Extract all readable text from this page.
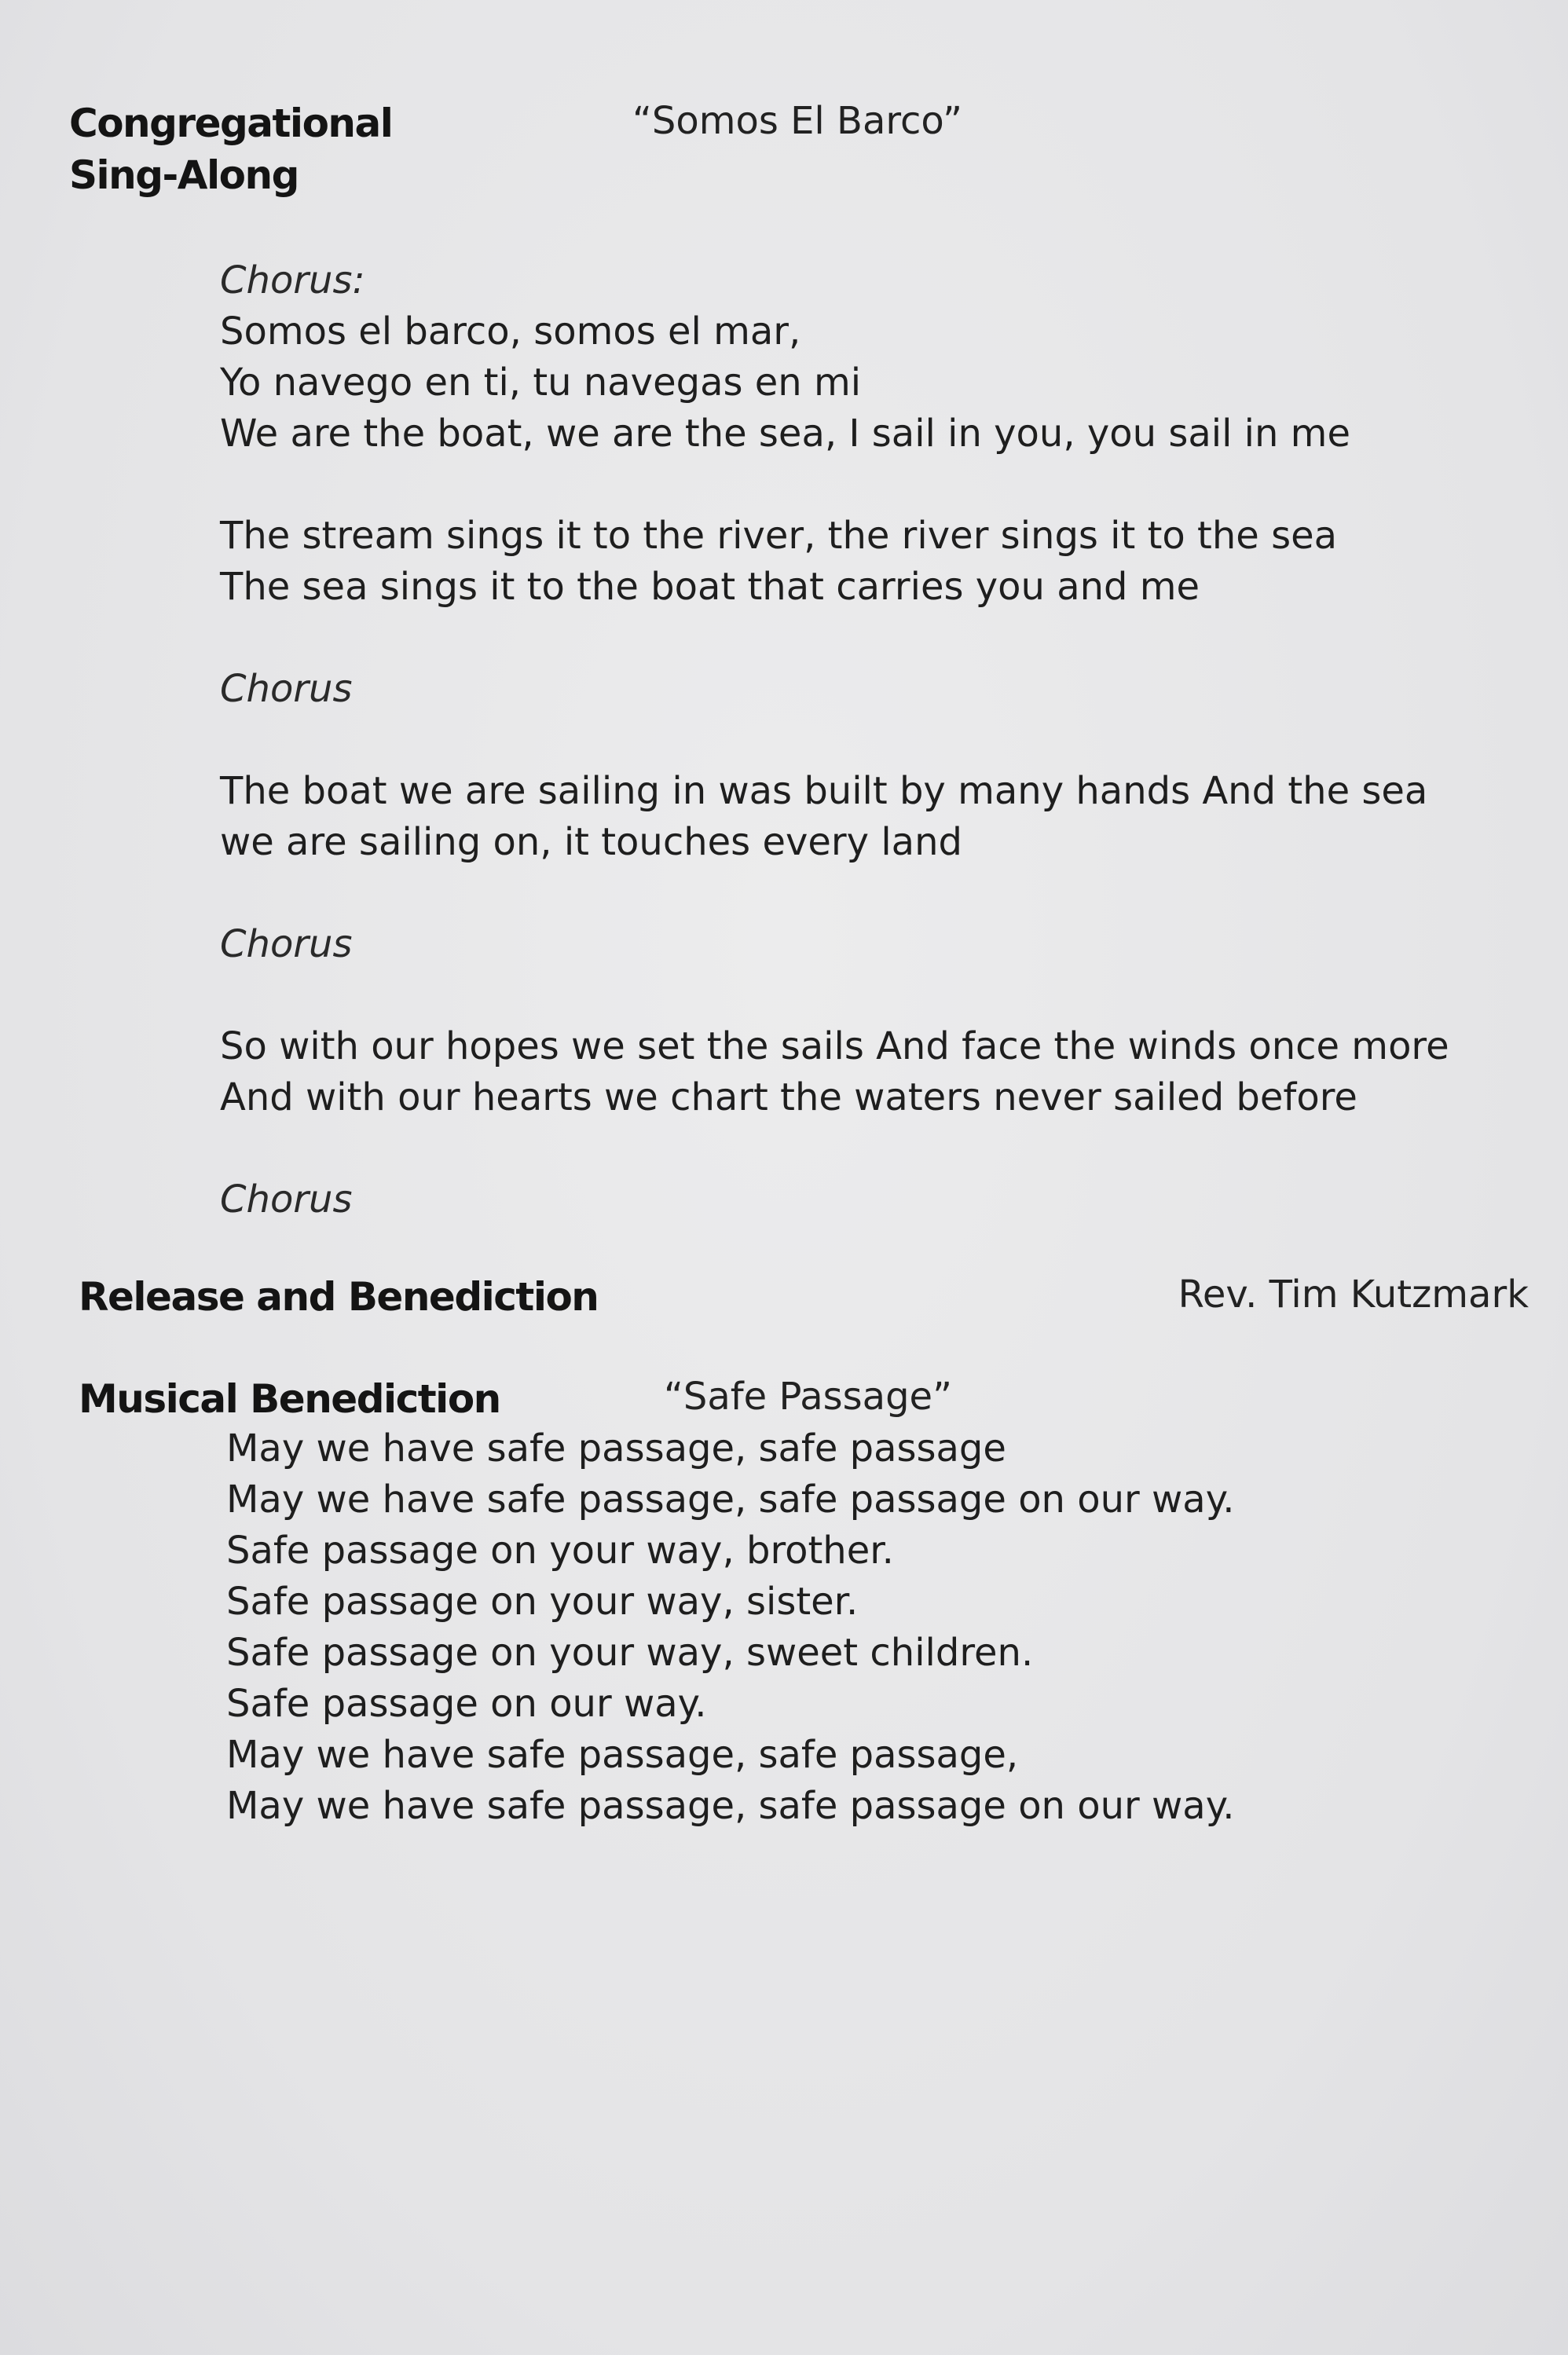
Congregational
Sing-Along
“Somos El Barco”
Chorus:
Somos el barco, somos el mar,
Yo navego en ti, tu navegas en mi
We are the boat, we are the sea, I sail in you, you sail in me
The stream sings it to the river, the river sings it to the sea
The sea sings it to the boat that carries you and me
Chorus
The boat we are sailing in was built by many hands And the sea
we are sailing on, it touches every land
Chorus
So with our hopes we set the sails And face the winds once more
And with our hearts we chart the waters never sailed before
Chorus
Release and Benediction	Rev. Tim Kutzmark
Musical Benediction	“Safe Passage”
May we have safe passage, safe passage
May we have safe passage, safe passage on our way.
Safe passage on your way, brother.
Safe passage on your way, sister.
Safe passage on your way, sweet children.
Safe passage on our way.
May we have safe passage, safe passage,
May we have safe passage, safe passage on our way.
